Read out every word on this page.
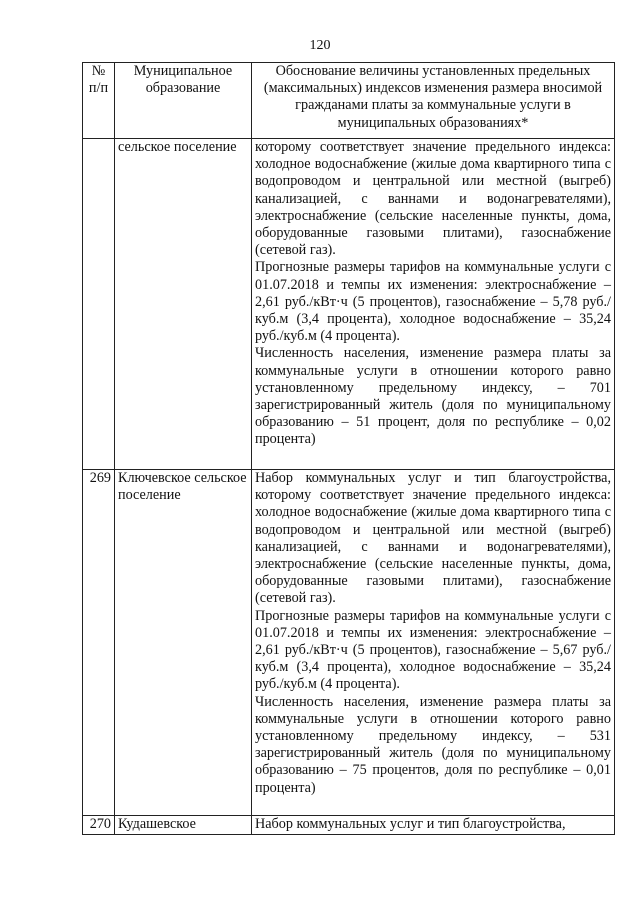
120
№ п/п	Муниципальное образование	Обоснование величины установленных предельных (максимальных) индексов изменения размера вносимой гражданами платы за коммунальные услуги в муниципальных образованиях*
	сельское поселение	которому соответствует значение предельного индекса: холодное водоснабжение (жилые дома квартирного типа с водопроводом и центральной или местной (выгреб) канализацией, с ваннами и водонагревателями), электроснабжение (сельские населенные пункты, дома, оборудованные газовыми плитами), газоснабжение (сетевой газ).

Прогнозные размеры тарифов на коммунальные услуги с 01.07.2018 и темпы их изменения: электроснабжение – 2,61 руб./кВт·ч (5 процентов), газоснабжение – 5,78 руб./куб.м (3,4 процента), холодное водоснабжение – 35,24 руб./куб.м (4 процента).

Численность населения, изменение размера платы за коммунальные услуги в отношении которого равно установленному предельному индексу, – 701 зарегистрированный житель (доля по муниципальному образованию – 51 процент, доля по республике – 0,02 процента)

269	Ключевское сельское поселение	Набор коммунальных услуг и тип благоустройства, которому соответствует значение предельного индекса: холодное водоснабжение (жилые дома квартирного типа с водопроводом и центральной или местной (выгреб) канализацией, с ваннами и водонагревателями), электроснабжение (сельские населенные пункты, дома, оборудованные газовыми плитами), газоснабжение (сетевой газ).

Прогнозные размеры тарифов на коммунальные услуги с 01.07.2018 и темпы их изменения: электроснабжение – 2,61 руб./кВт·ч (5 процентов), газоснабжение – 5,67 руб./куб.м (3,4 процента), холодное водоснабжение – 35,24 руб./куб.м (4 процента).

Численность населения, изменение размера платы за коммунальные услуги в отношении которого равно установленному предельному индексу, – 531 зарегистрированный житель (доля по муниципальному образованию – 75 процентов, доля по республике – 0,01 процента)

270	Кудашевское	Набор коммунальных услуг и тип благоустройства,
